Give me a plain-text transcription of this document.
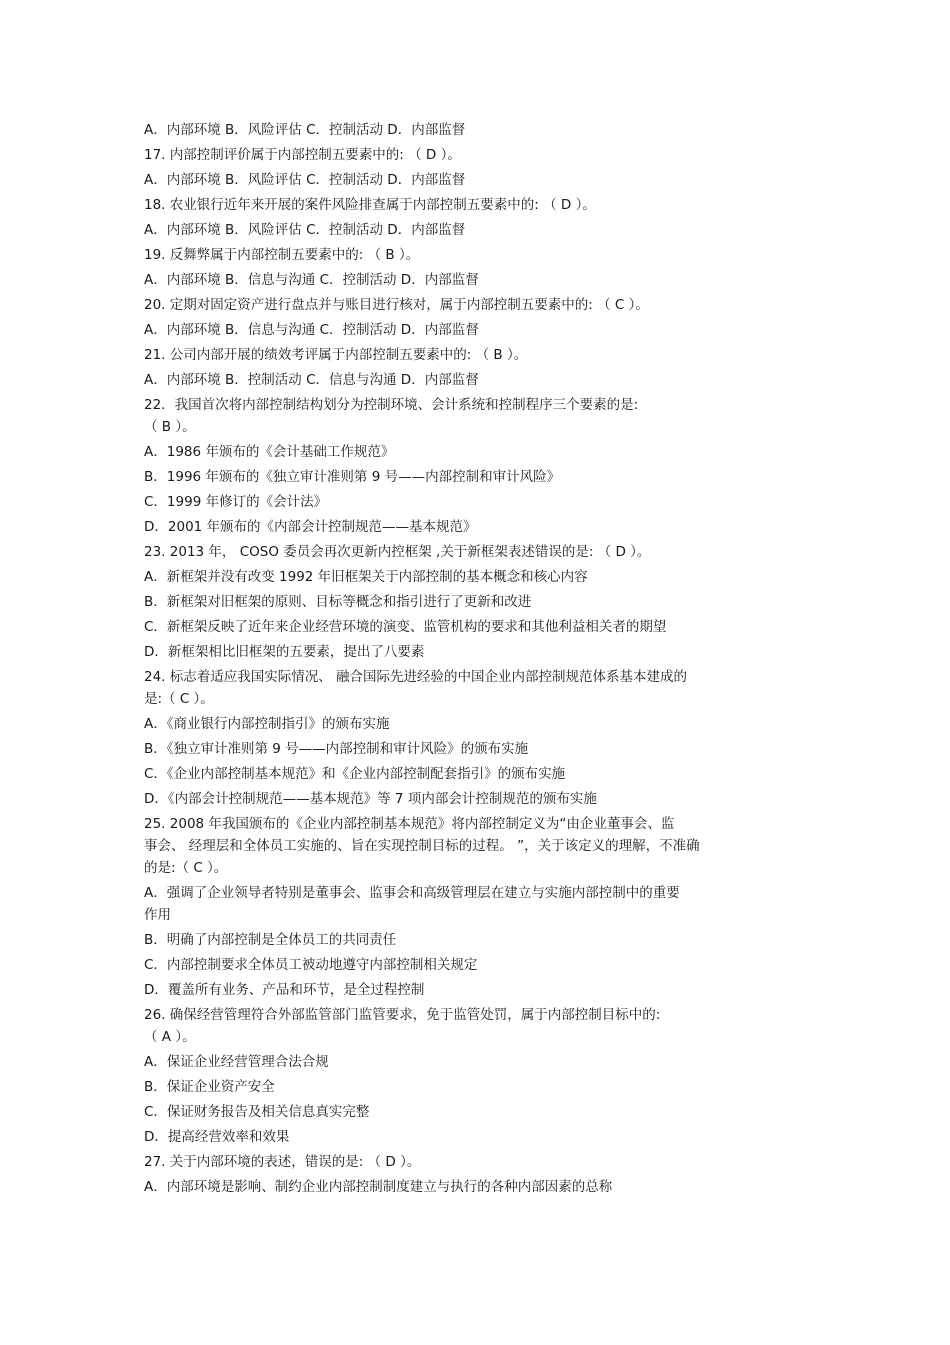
A．内部环境 B．风险评估 C．控制活动 D．内部监督
17. 内部控制评价属于内部控制五要素中的: （ D ）。
A．内部环境 B．风险评估 C．控制活动 D．内部监督
18. 农业银行近年来开展的案件风险排查属于内部控制五要素中的: （ D ）。
A．内部环境 B．风险评估 C．控制活动 D．内部监督
19. 反舞弊属于内部控制五要素中的: （ B ）。
A．内部环境 B．信息与沟通 C．控制活动 D．内部监督
20. 定期对固定资产进行盘点并与账目进行核对，属于内部控制五要素中的: （ C ）。
A．内部环境 B．信息与沟通 C．控制活动 D．内部监督
21. 公司内部开展的绩效考评属于内部控制五要素中的: （ B ）。
A．内部环境 B．控制活动 C．信息与沟通 D．内部监督
22．我国首次将内部控制结构划分为控制环境、会计系统和控制程序三个要素的是:
（ B ）。
A．1986 年颁布的《会计基础工作规范》
B．1996 年颁布的《独立审计准则第 9 号——内部控制和审计风险》
C．1999 年修订的《会计法》
D．2001 年颁布的《内部会计控制规范——基本规范》
23. 2013 年， COSO 委员会再次更新内控框架 ,关于新框架表述错误的是: （ D ）。
A．新框架并没有改变 1992 年旧框架关于内部控制的基本概念和核心内容
B．新框架对旧框架的原则、目标等概念和指引进行了更新和改进
C．新框架反映了近年来企业经营环境的演变、监管机构的要求和其他利益相关者的期望
D．新框架相比旧框架的五要素，提出了八要素
24. 标志着适应我国实际情况、 融合国际先进经验的中国企业内部控制规范体系基本建成的
是:（ C ）。
A．《商业银行内部控制指引》的颁布实施
B．《独立审计准则第 9 号——内部控制和审计风险》的颁布实施
C．《企业内部控制基本规范》和《企业内部控制配套指引》的颁布实施
D．《内部会计控制规范——基本规范》等 7 项内部会计控制规范的颁布实施
25. 2008 年我国颁布的《企业内部控制基本规范》将内部控制定义为“由企业董事会、监
事会、 经理层和全体员工实施的、旨在实现控制目标的过程。 ”，关于该定义的理解，不准确
的是:（ C ）。
A．强调了企业领导者特别是董事会、监事会和高级管理层在建立与实施内部控制中的重要
作用
B．明确了内部控制是全体员工的共同责任
C．内部控制要求全体员工被动地遵守内部控制相关规定
D．覆盖所有业务、产品和环节，是全过程控制
26. 确保经营管理符合外部监管部门监管要求，免于监管处罚，属于内部控制目标中的:
（ A ）。
A．保证企业经营管理合法合规
B．保证企业资产安全
C．保证财务报告及相关信息真实完整
D．提高经营效率和效果
27. 关于内部环境的表述，错误的是: （ D ）。
A．内部环境是影响、制约企业内部控制制度建立与执行的各种内部因素的总称
